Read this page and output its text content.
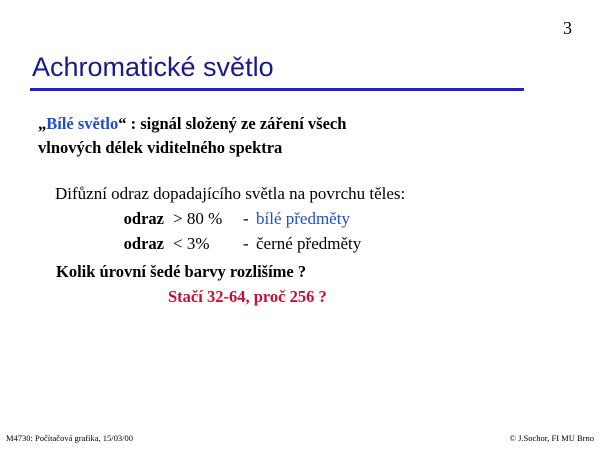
3
Achromatické světlo
„Bílé světlo“ : signál složený ze záření všech
vlnových délek viditelného spektra
Difůzní odraz dopadajícího světla na povrchu těles:
odraz > 80 % - bílé předměty
odraz < 3% - černé předměty
Kolik úrovní šedé barvy rozlišíme ?
Stačí 32-64, proč 256 ?
M4730: Počítačová grafika, 15/03/00	© J.Sochor, FI MU Brno
